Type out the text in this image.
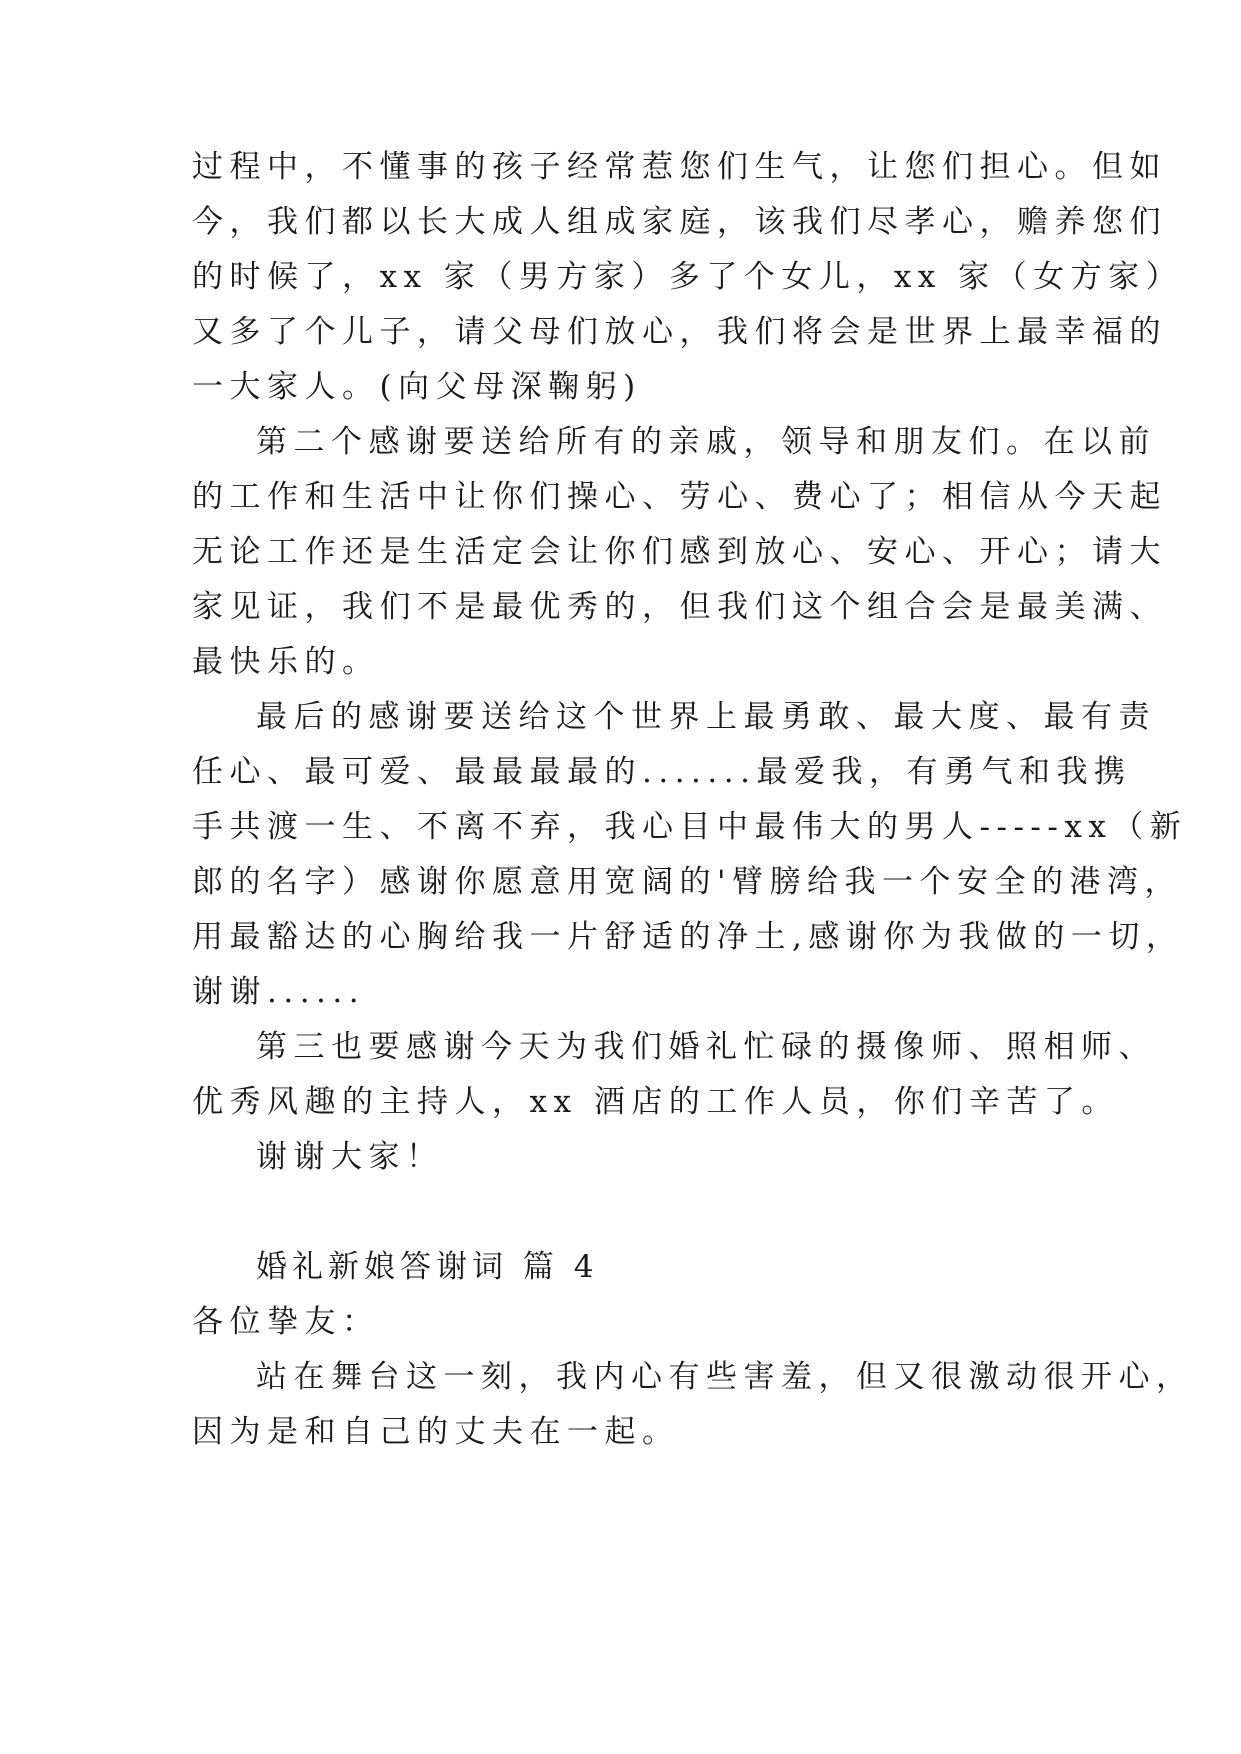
过程中，不懂事的孩子经常惹您们生气，让您们担心。但如
今，我们都以长大成人组成家庭，该我们尽孝心，赡养您们
的时候了，xx 家（男方家）多了个女儿，xx 家（女方家）
又多了个儿子，请父母们放心，我们将会是世界上最幸福的
一大家人。(向父母深鞠躬)
第二个感谢要送给所有的亲戚，领导和朋友们。在以前
的工作和生活中让你们操心、劳心、费心了；相信从今天起
无论工作还是生活定会让你们感到放心、安心、开心；请大
家见证，我们不是最优秀的，但我们这个组合会是最美满、
最快乐的。
最后的感谢要送给这个世界上最勇敢、最大度、最有责
任心、最可爱、最最最最的.......最爱我，有勇气和我携
手共渡一生、不离不弃，我心目中最伟大的男人-----xx（新
郎的名字）感谢你愿意用宽阔的'臂膀给我一个安全的港湾，
用最豁达的心胸给我一片舒适的净土,感谢你为我做的一切，
谢谢......
第三也要感谢今天为我们婚礼忙碌的摄像师、照相师、
优秀风趣的主持人，xx 酒店的工作人员，你们辛苦了。
谢谢大家！
婚礼新娘答谢词 篇 4
各位挚友：
站在舞台这一刻，我内心有些害羞，但又很激动很开心，
因为是和自己的丈夫在一起。
